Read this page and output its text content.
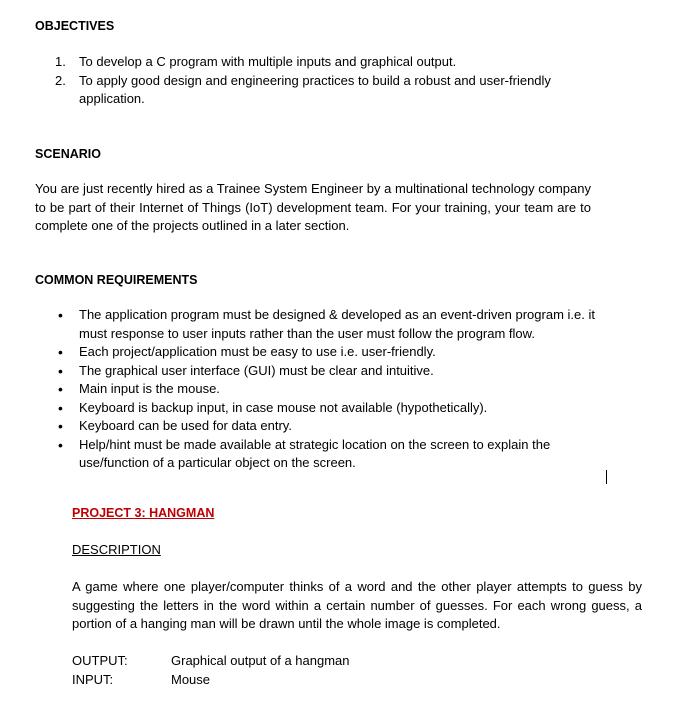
OBJECTIVES
1. To develop a C program with multiple inputs and graphical output.
2. To apply good design and engineering practices to build a robust and user-friendly application.
SCENARIO
You are just recently hired as a Trainee System Engineer by a multinational technology company to be part of their Internet of Things (IoT) development team. For your training, your team are to complete one of the projects outlined in a later section.
COMMON REQUIREMENTS
• The application program must be designed & developed as an event-driven program i.e. it must response to user inputs rather than the user must follow the program flow.
• Each project/application must be easy to use i.e. user-friendly.
• The graphical user interface (GUI) must be clear and intuitive.
• Main input is the mouse.
• Keyboard is backup input, in case mouse not available (hypothetically).
• Keyboard can be used for data entry.
• Help/hint must be made available at strategic location on the screen to explain the use/function of a particular object on the screen.
PROJECT 3: HANGMAN
DESCRIPTION
A game where one player/computer thinks of a word and the other player attempts to guess by suggesting the letters in the word within a certain number of guesses. For each wrong guess, a portion of a hanging man will be drawn until the whole image is completed.
OUTPUT:	Graphical output of a hangman
INPUT:	Mouse
